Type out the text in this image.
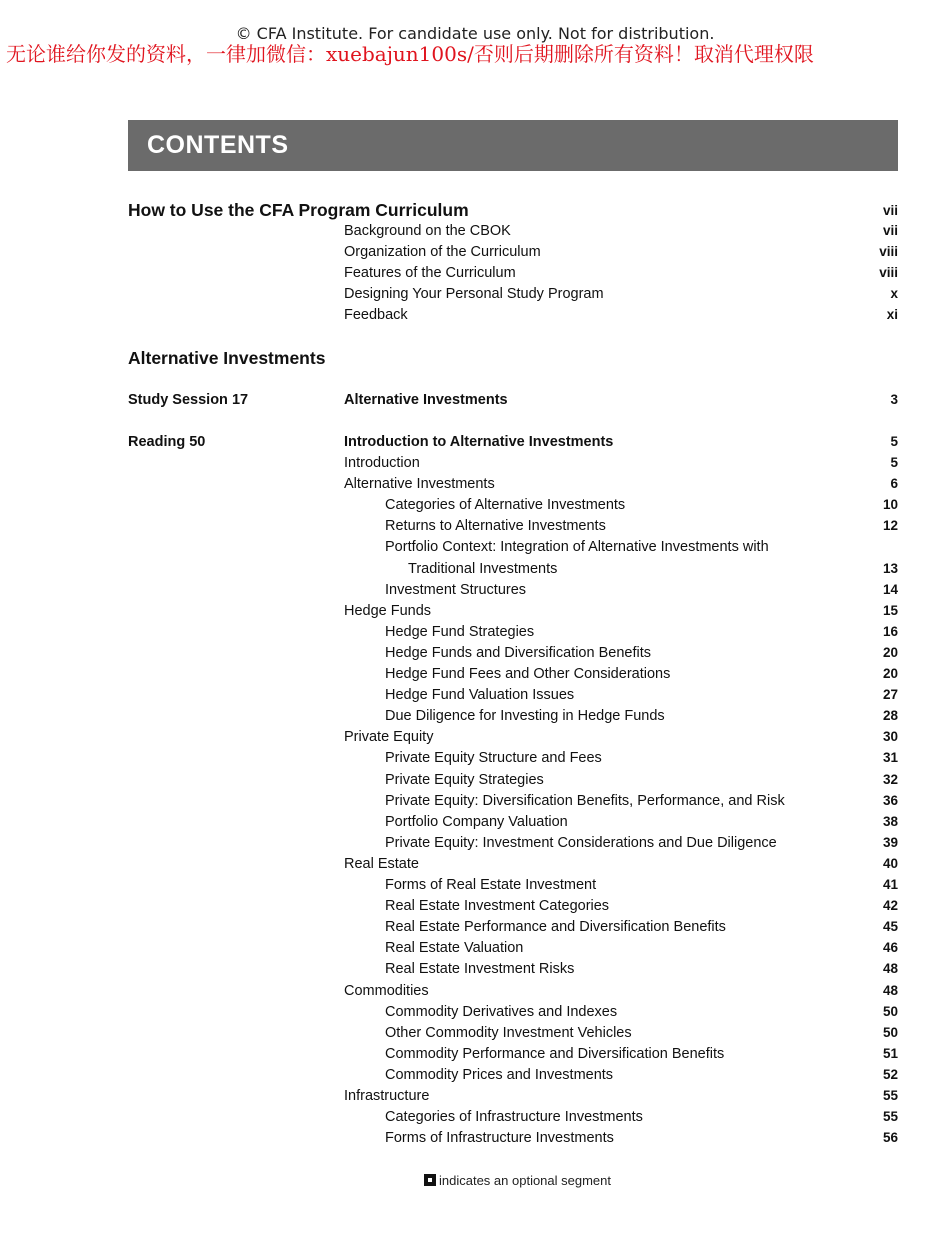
© CFA Institute. For candidate use only. Not for distribution.
无论谁给你发的资料，一律加微信：xuebajun100s/否则后期删除所有资料！取消代理权限
CONTENTS
How to Use the CFA Program Curriculum	vii
Background on the CBOK	vii
Organization of the Curriculum	viii
Features of the Curriculum	viii
Designing Your Personal Study Program	x
Feedback	xi
Alternative Investments
Study Session 17	Alternative Investments	3
Reading 50	Introduction to Alternative Investments	5
Introduction	5
Alternative Investments	6
Categories of Alternative Investments	10
Returns to Alternative Investments	12
Portfolio Context: Integration of Alternative Investments with
Traditional Investments	13
Investment Structures	14
Hedge Funds	15
Hedge Fund Strategies	16
Hedge Funds and Diversification Benefits	20
Hedge Fund Fees and Other Considerations	20
Hedge Fund Valuation Issues	27
Due Diligence for Investing in Hedge Funds	28
Private Equity	30
Private Equity Structure and Fees	31
Private Equity Strategies	32
Private Equity: Diversification Benefits, Performance, and Risk	36
Portfolio Company Valuation	38
Private Equity: Investment Considerations and Due Diligence	39
Real Estate	40
Forms of Real Estate Investment	41
Real Estate Investment Categories	42
Real Estate Performance and Diversification Benefits	45
Real Estate Valuation	46
Real Estate Investment Risks	48
Commodities	48
Commodity Derivatives and Indexes	50
Other Commodity Investment Vehicles	50
Commodity Performance and Diversification Benefits	51
Commodity Prices and Investments	52
Infrastructure	55
Categories of Infrastructure Investments	55
Forms of Infrastructure Investments	56
indicates an optional segment
